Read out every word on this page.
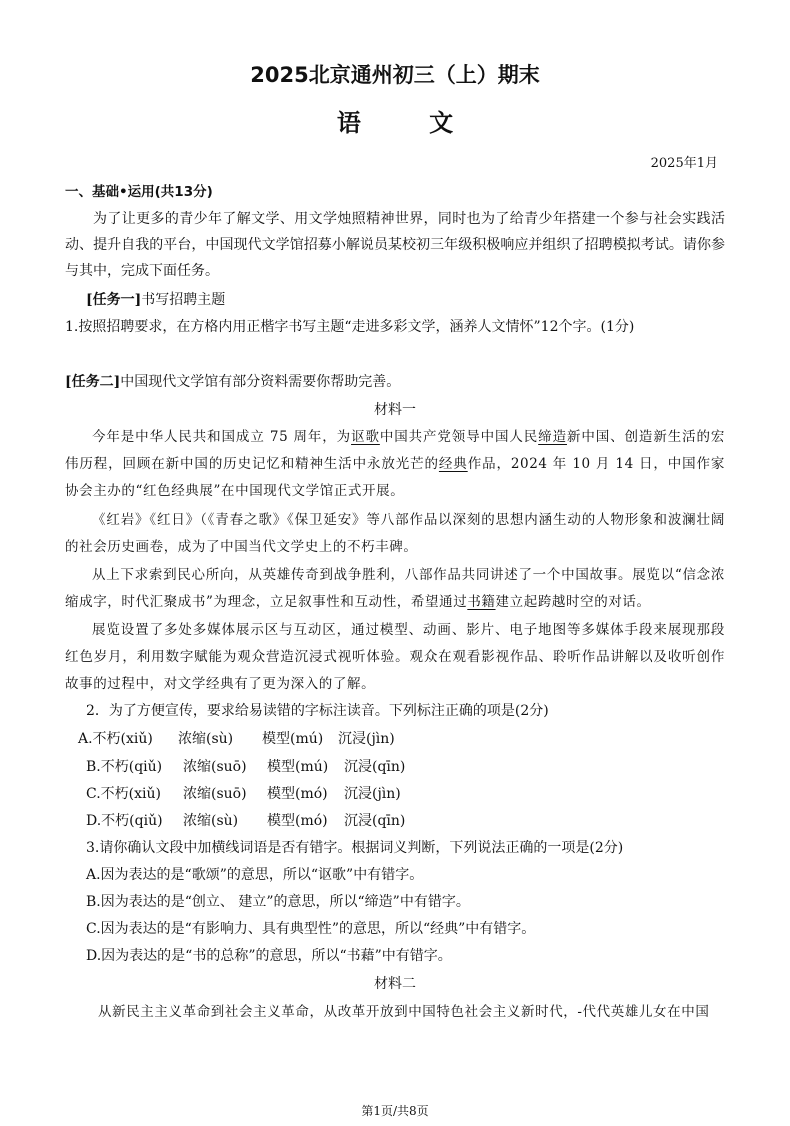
2025北京通州初三（上）期末
语 文
2025年1月
一、基础•运用(共13分)
为了让更多的青少年了解文学、用文学烛照精神世界，同时也为了给青少年搭建一个参与社会实践活动、提升自我的平台，中国现代文学馆招募小解说员某校初三年级积极响应并组织了招聘模拟考试。请你参与其中，完成下面任务。
[任务一]书写招聘主题
1.按照招聘要求，在方格内用正楷字书写主题“走进多彩文学，涵养人文情怀”12个字。(1分)
[任务二]中国现代文学馆有部分资料需要你帮助完善。
材料一
今年是中华人民共和国成立 75 周年，为讴歌中国共产党领导中国人民缔造新中国、创造新生活的宏伟历程，回顾在新中国的历史记忆和精神生活中永放光芒的经典作品，2024 年 10 月 14 日，中国作家协会主办的“红色经典展”在中国现代文学馆正式开展。
《红岩》《红日》（《青春之歌》《保卫延安》等八部作品以深刻的思想内涵生动的人物形象和波澜壮阔的社会历史画卷，成为了中国当代文学史上的不朽丰碑。
从上下求索到民心所向，从英雄传奇到战争胜利，八部作品共同讲述了一个中国故事。展览以“信念浓缩成字，时代汇聚成书”为理念，立足叙事性和互动性，希望通过书籍建立起跨越时空的对话。
展览设置了多处多媒体展示区与互动区，通过模型、动画、影片、电子地图等多媒体手段来展现那段红色岁月，利用数字赋能为观众营造沉浸式视听体验。观众在观看影视作品、聆听作品讲解以及收听创作故事的过程中，对文学经典有了更为深入的了解。
2．为了方便宣传，要求给易读错的字标注读音。下列标注正确的项是(2分)
A.不朽(xiǔ) 浓缩(sù) 模型(mú) 沉浸(jìn)
B.不朽(qiǔ) 浓缩(suō) 模型(mú) 沉浸(qīn)
C.不朽(xiǔ) 浓缩(suō) 模型(mó) 沉浸(jìn)
D.不朽(qiǔ) 浓缩(sù) 模型(mó) 沉浸(qīn)
3.请你确认文段中加横线词语是否有错字。根据词义判断，下列说法正确的一项是(2分)
A.因为表达的是“歌颂”的意思，所以“讴歌”中有错字。
B.因为表达的是“创立、 建立”的意思，所以“缔造”中有错字。
C.因为表达的是“有影响力、具有典型性”的意思，所以“经典”中有错字。
D.因为表达的是“书的总称”的意思，所以“书藉”中有错字。
材料二
从新民主主义革命到社会主义革命，从改革开放到中国特色社会主义新时代，-代代英雄儿女在中国
第1页/共8页
